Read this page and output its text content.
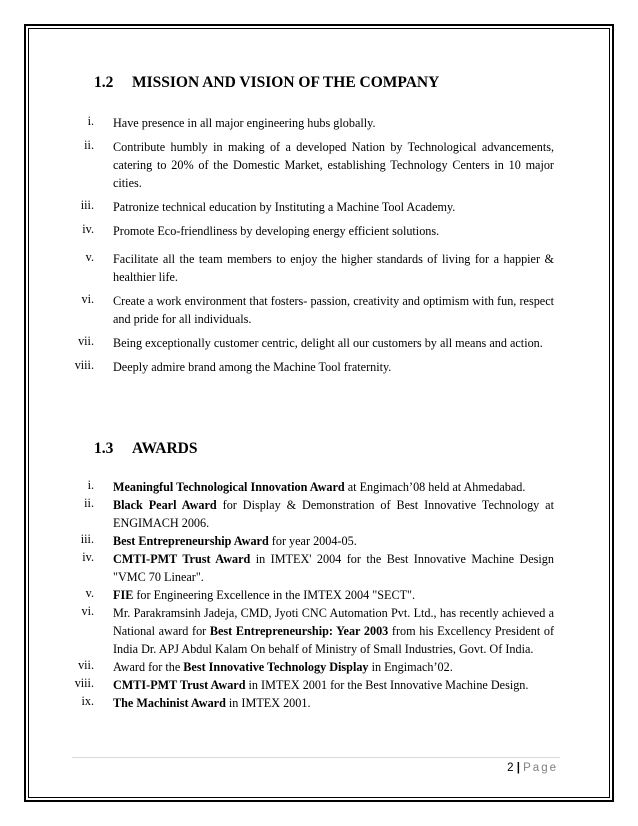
1.2 MISSION AND VISION OF THE COMPANY
i. Have presence in all major engineering hubs globally.
ii. Contribute humbly in making of a developed Nation by Technological advancements, catering to 20% of the Domestic Market, establishing Technology Centers in 10 major cities.
iii. Patronize technical education by Instituting a Machine Tool Academy.
iv. Promote Eco-friendliness by developing energy efficient solutions.
v. Facilitate all the team members to enjoy the higher standards of living for a happier & healthier life.
vi. Create a work environment that fosters- passion, creativity and optimism with fun, respect and pride for all individuals.
vii. Being exceptionally customer centric, delight all our customers by all means and action.
viii. Deeply admire brand among the Machine Tool fraternity.
1.3 AWARDS
i. Meaningful Technological Innovation Award at Engimach’08 held at Ahmedabad.
ii. Black Pearl Award for Display & Demonstration of Best Innovative Technology at ENGIMACH 2006.
iii. Best Entrepreneurship Award for year 2004-05.
iv. CMTI-PMT Trust Award in IMTEX' 2004 for the Best Innovative Machine Design "VMC 70 Linear".
v. FIE for Engineering Excellence in the IMTEX 2004 "SECT".
vi. Mr. Parakramsinh Jadeja, CMD, Jyoti CNC Automation Pvt. Ltd., has recently achieved a National award for Best Entrepreneurship: Year 2003 from his Excellency President of India Dr. APJ Abdul Kalam On behalf of Ministry of Small Industries, Govt. Of India.
vii. Award for the Best Innovative Technology Display in Engimach’02.
viii. CMTI-PMT Trust Award in IMTEX 2001 for the Best Innovative Machine Design.
ix. The Machinist Award in IMTEX 2001.
2 | Page
